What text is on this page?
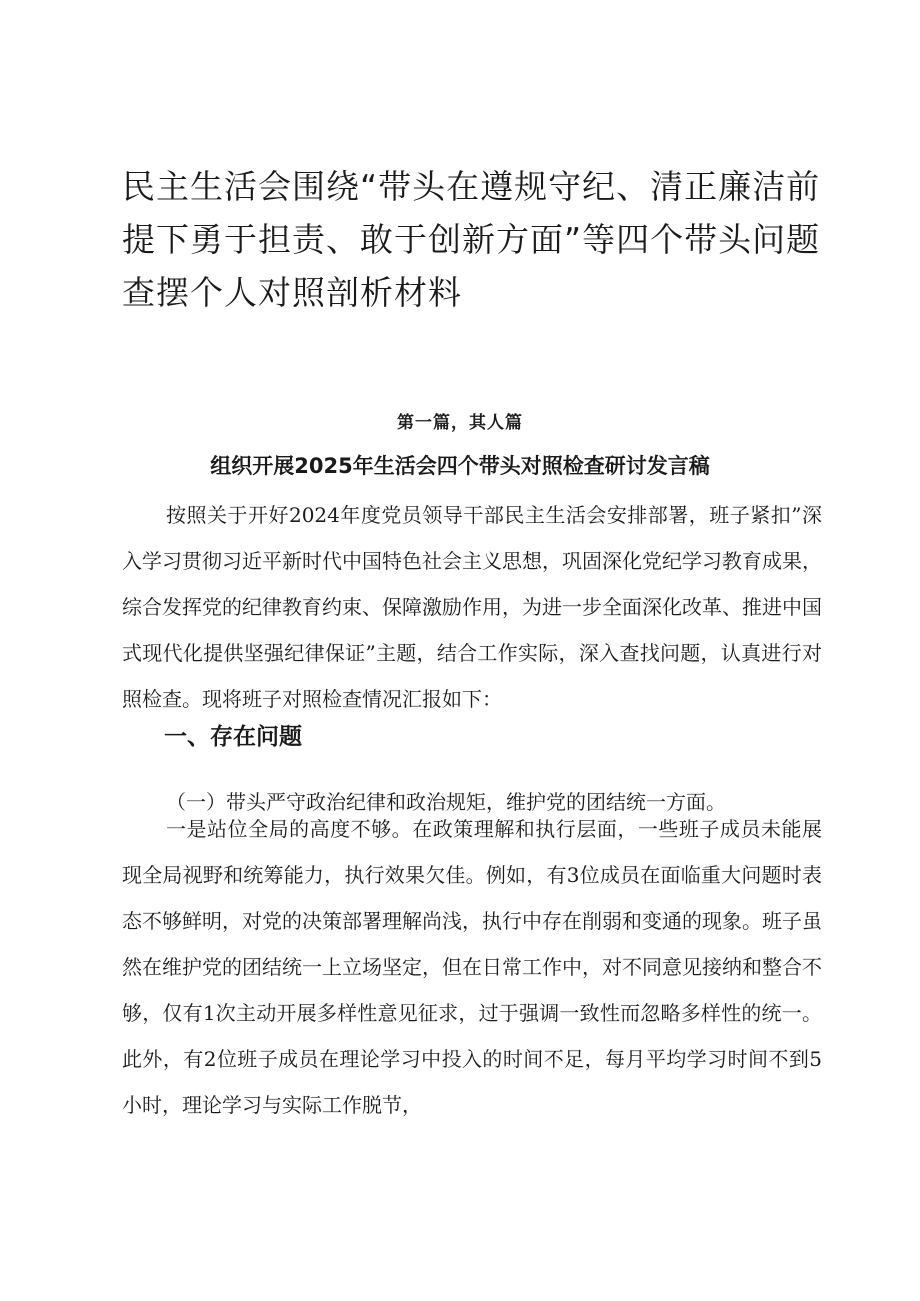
民主生活会围绕“带头在遵规守纪、清正廉洁前提下勇于担责、敢于创新方面”等四个带头问题查摆个人对照剖析材料
第一篇，其人篇
组织开展2025年生活会四个带头对照检查研讨发言稿

按照关于开好2024年度党员领导干部民主生活会安排部署，班子紧扣”深入学习贯彻习近平新时代中国特色社会主义思想，巩固深化党纪学习教育成果，综合发挥党的纪律教育约束、保障激励作用，为进一步全面深化改革、推进中国式现代化提供坚强纪律保证”主题，结合工作实际，深入查找问题，认真进行对照检查。现将班子对照检查情况汇报如下：

一、存在问题

（一）带头严守政治纪律和政治规矩，维护党的团结统一方面。

一是站位全局的高度不够。在政策理解和执行层面，一些班子成员未能展现全局视野和统筹能力，执行效果欠佳。例如，有3位成员在面临重大问题时表态不够鲜明，对党的决策部署理解尚浅，执行中存在削弱和变通的现象。班子虽然在维护党的团结统一上立场坚定，但在日常工作中，对不同意见接纳和整合不够，仅有1次主动开展多样性意见征求，过于强调一致性而忽略多样性的统一。此外，有2位班子成员在理论学习中投入的时间不足，每月平均学习时间不到5小时，理论学习与实际工作脱节，
